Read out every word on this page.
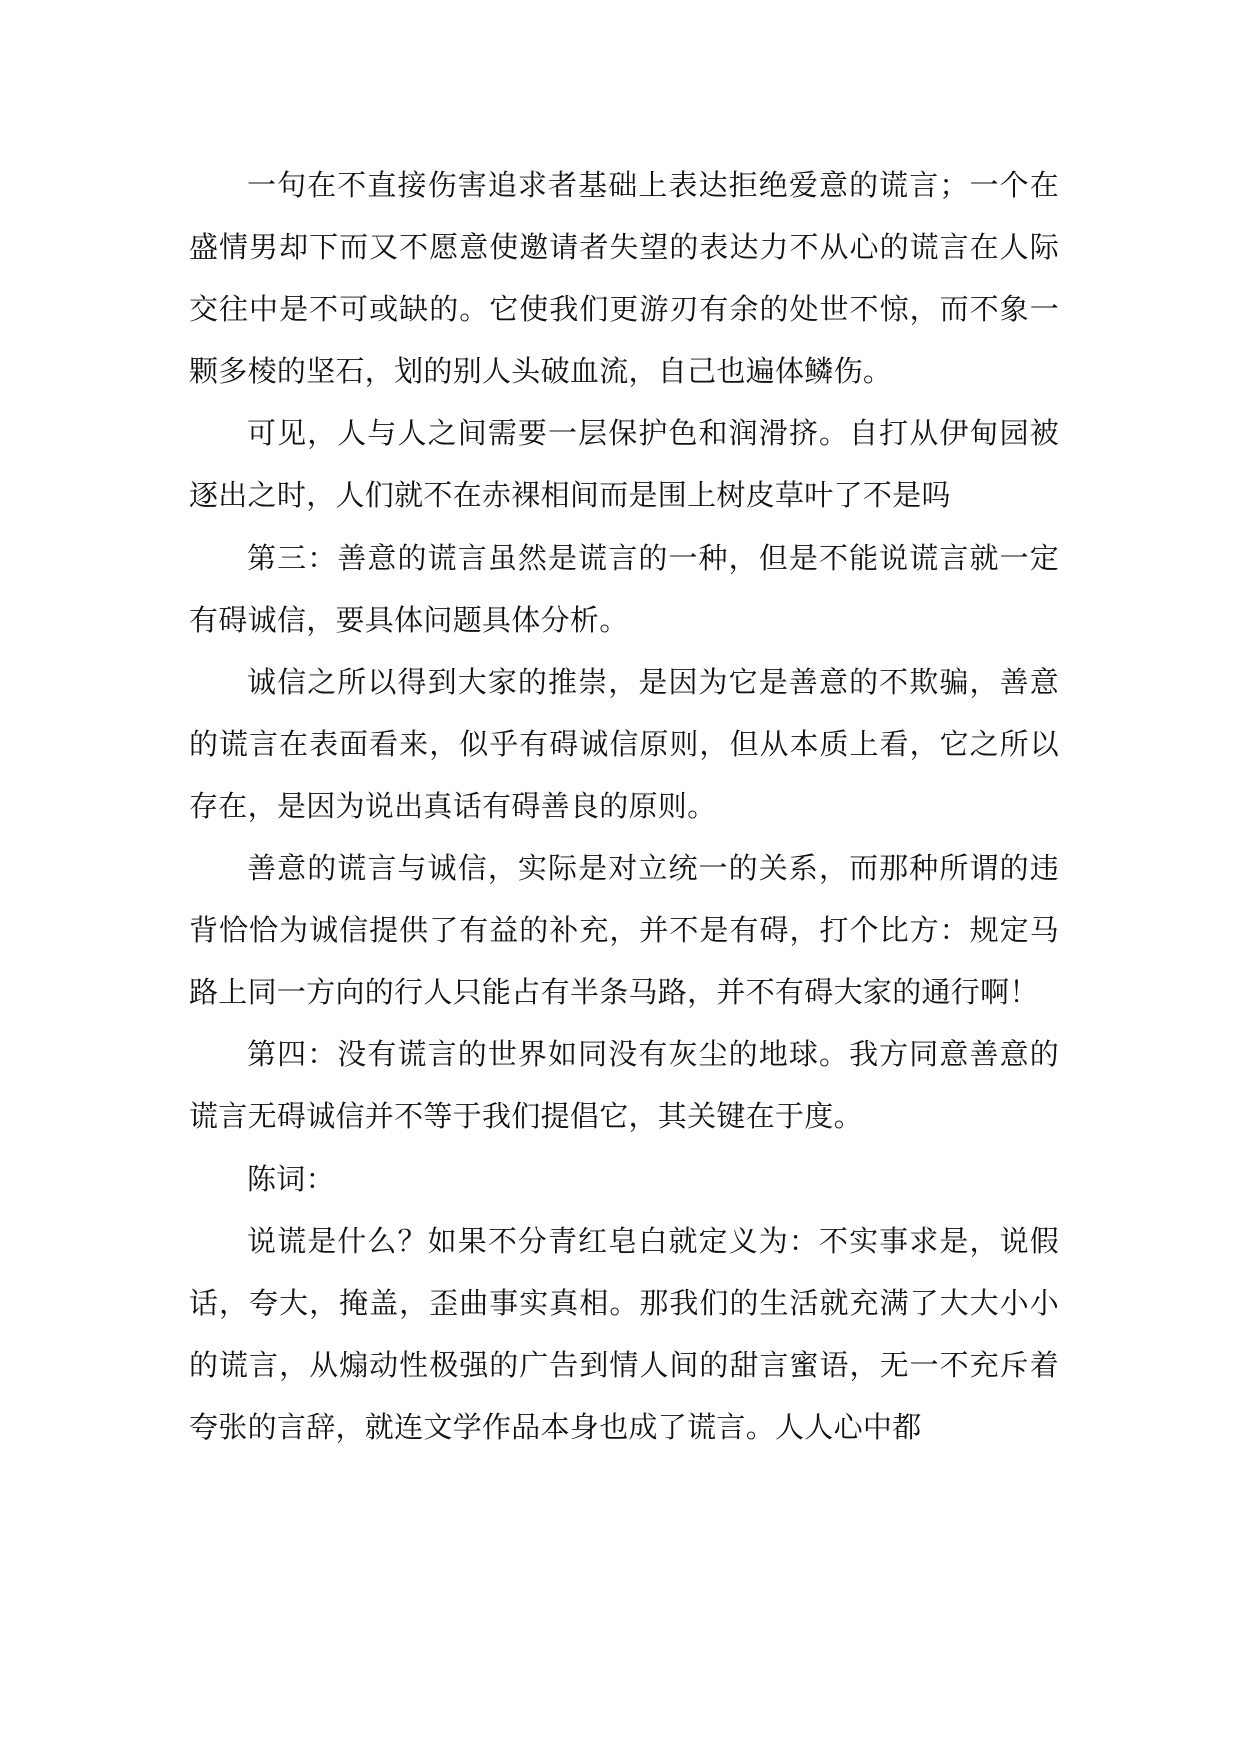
一句在不直接伤害追求者基础上表达拒绝爱意的谎言；一个在盛情男却下而又不愿意使邀请者失望的表达力不从心的谎言在人际交往中是不可或缺的。它使我们更游刃有余的处世不惊，而不象一颗多棱的坚石，划的别人头破血流，自己也遍体鳞伤。

可见，人与人之间需要一层保护色和润滑挤。自打从伊甸园被逐出之时，人们就不在赤裸相间而是围上树皮草叶了不是吗

第三：善意的谎言虽然是谎言的一种，但是不能说谎言就一定有碍诚信，要具体问题具体分析。

诚信之所以得到大家的推崇，是因为它是善意的不欺骗，善意的谎言在表面看来，似乎有碍诚信原则，但从本质上看，它之所以存在，是因为说出真话有碍善良的原则。

善意的谎言与诚信，实际是对立统一的关系，而那种所谓的违背恰恰为诚信提供了有益的补充，并不是有碍，打个比方：规定马路上同一方向的行人只能占有半条马路，并不有碍大家的通行啊！

第四：没有谎言的世界如同没有灰尘的地球。我方同意善意的谎言无碍诚信并不等于我们提倡它，其关键在于度。

陈词：

说谎是什么？如果不分青红皂白就定义为：不实事求是，说假话，夸大，掩盖，歪曲事实真相。那我们的生活就充满了大大小小的谎言，从煽动性极强的广告到情人间的甜言蜜语，无一不充斥着夸张的言辞，就连文学作品本身也成了谎言。人人心中都
